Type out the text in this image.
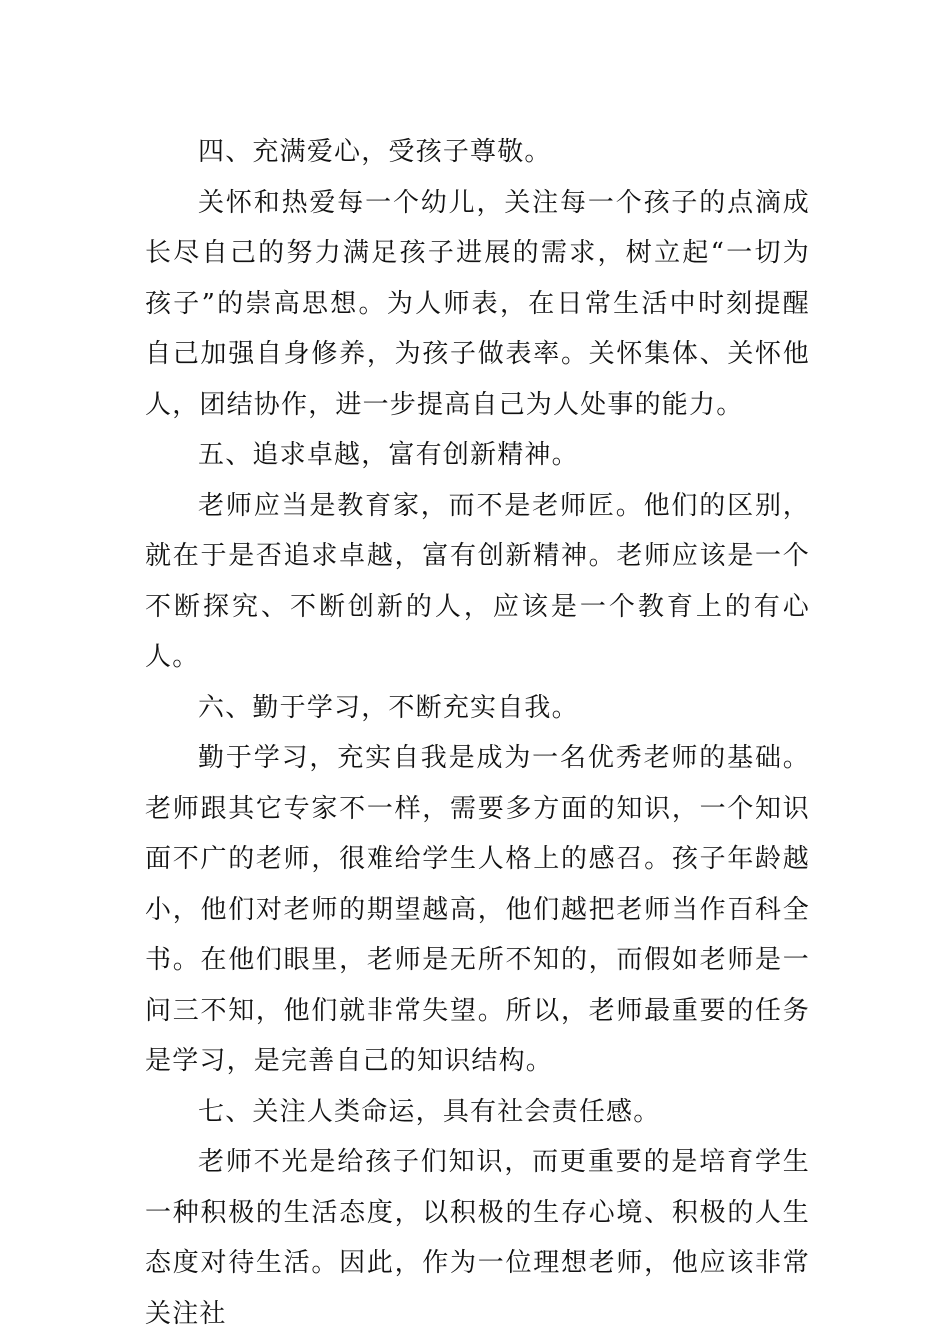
四、充满爱心，受孩子尊敬。

关怀和热爱每一个幼儿，关注每一个孩子的点滴成长尽自己的努力满足孩子进展的需求，树立起“一切为孩子”的崇高思想。为人师表，在日常生活中时刻提醒自己加强自身修养，为孩子做表率。关怀集体、关怀他人，团结协作，进一步提高自己为人处事的能力。

五、追求卓越，富有创新精神。

老师应当是教育家，而不是老师匠。他们的区别，就在于是否追求卓越，富有创新精神。老师应该是一个不断探究、不断创新的人，应该是一个教育上的有心人。

六、勤于学习，不断充实自我。

勤于学习，充实自我是成为一名优秀老师的基础。老师跟其它专家不一样，需要多方面的知识，一个知识面不广的老师，很难给学生人格上的感召。孩子年龄越小，他们对老师的期望越高，他们越把老师当作百科全书。在他们眼里，老师是无所不知的，而假如老师是一问三不知，他们就非常失望。所以，老师最重要的任务是学习，是完善自己的知识结构。

七、关注人类命运，具有社会责任感。

老师不光是给孩子们知识，而更重要的是培育学生一种积极的生活态度，以积极的生存心境、积极的人生态度对待生活。因此，作为一位理想老师，他应该非常关注社
